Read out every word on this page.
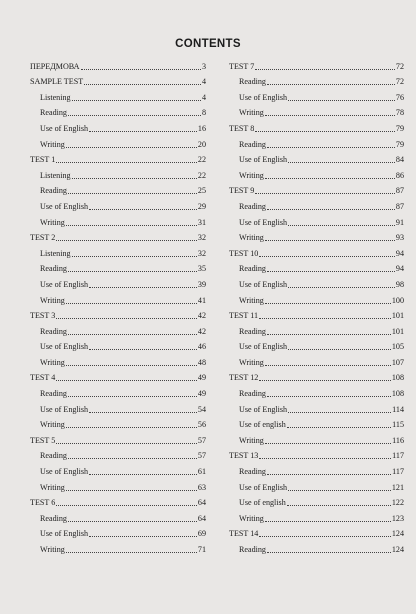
CONTENTS
ПЕРЕДМОВА	3
SAMPLE TEST	4
Listening	4
Reading	8
Use of English	16
Writing	20
TEST 1	22
Listening	22
Reading	25
Use of English	29
Writing	31
TEST 2	32
Listening	32
Reading	35
Use of English	39
Writing	41
TEST 3	42
Reading	42
Use of English	46
Writing	48
TEST 4	49
Reading	49
Use of English	54
Writing	56
TEST 5	57
Reading	57
Use of English	61
Writing	63
TEST 6	64
Reading	64
Use of English	69
Writing	71
TEST 7	72
Reading	72
Use of English	76
Writing	78
TEST 8	79
Reading	79
Use of English	84
Writing	86
TEST 9	87
Reading	87
Use of English	91
Writing	93
TEST 10	94
Reading	94
Use of English	98
Writing	100
TEST 11	101
Reading	101
Use of English	105
Writing	107
TEST 12	108
Reading	108
Use of English	114
Use of english	115
Writing	116
TEST 13	117
Reading	117
Use of English	121
Use of english	122
Writing	123
TEST 14	124
Reading	124
